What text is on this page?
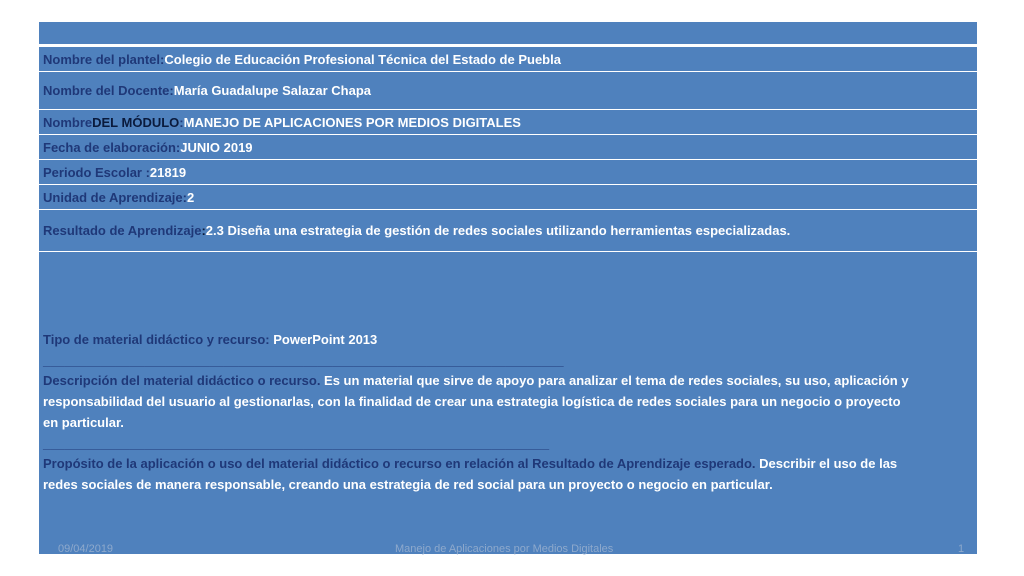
Nombre del plantel: Colegio de Educación Profesional Técnica del Estado de Puebla
Nombre del Docente: María Guadalupe Salazar Chapa
Nombre DEL MÓDULO : MANEJO DE APLICACIONES POR MEDIOS DIGITALES
Fecha de elaboración: JUNIO 2019
Periodo Escolar : 21819
Unidad de Aprendizaje: 2
Resultado de Aprendizaje : 2.3 Diseña una estrategia de gestión de redes sociales utilizando herramientas especializadas.

Tipo de material didáctico y recurso: PowerPoint 2013

________________________________________________________________________

Descripción del material didáctico o recurso. Es un material que sirve de apoyo para analizar el tema de redes sociales, su uso, aplicación y responsabilidad del usuario al gestionarlas, con la finalidad de crear una estrategia logística de redes sociales para un negocio o proyecto en particular.

______________________________________________________________________

Propósito de la aplicación o uso del material didáctico o recurso en relación al Resultado de Aprendizaje esperado. Describir el uso de las redes sociales de manera responsable, creando una estrategia de red social para un proyecto o negocio en particular.

09/04/2019	Manejo de Aplicaciones por Medios Digitales	1
